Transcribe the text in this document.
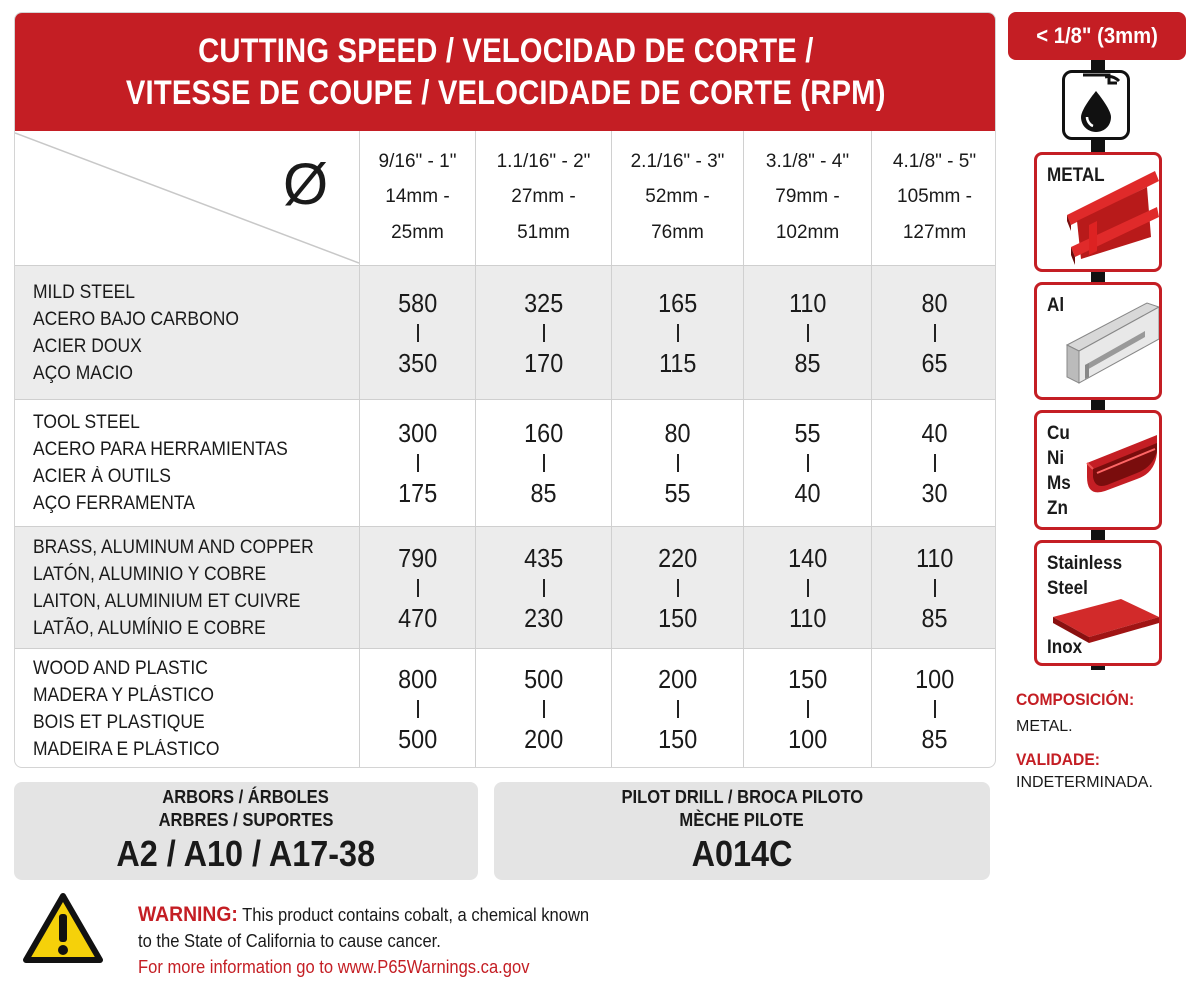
CUTTING SPEED / VELOCIDAD DE CORTE /
VITESSE DE COUPE / VELOCIDADE DE CORTE (RPM)
Ø	9/16" - 1"
14mm -
25mm
1.1/16" - 2"
27mm -
51mm
2.1/16" - 3"
52mm -
76mm
3.1/8" - 4"
79mm -
102mm
4.1/8" - 5"
105mm -
127mm
MILD STEEL
ACERO BAJO CARBONO
ACIER DOUX
AÇO MACIO
580
350
325
170
165
115
110
85
80
65
TOOL STEEL
ACERO PARA HERRAMIENTAS
ACIER À OUTILS
AÇO FERRAMENTA
300
175
160
85
80
55
55
40
40
30
BRASS, ALUMINUM AND COPPER
LATÓN, ALUMINIO Y COBRE
LAITON, ALUMINIUM ET CUIVRE
LATÃO, ALUMÍNIO E COBRE
790
470
435
230
220
150
140
110
110
85
WOOD AND PLASTIC
MADERA Y PLÁSTICO
BOIS ET PLASTIQUE
MADEIRA E PLÁSTICO
800
500
500
200
200
150
150
100
100
85
ARBORS / ÁRBOLES
ARBRES / SUPORTES
A2 / A10 / A17-38
PILOT DRILL / BROCA PILOTO
MÈCHE PILOTE
A014C
WARNING: This product contains cobalt, a chemical known
to the State of California to cause cancer.
For more information go to www.P65Warnings.ca.gov
< 1/8" (3mm)
METAL
Al
Cu
Ni
Ms
Zn
Stainless
Steel
Inox
COMPOSICIÓN:
METAL.
VALIDADE:
INDETERMINADA.
